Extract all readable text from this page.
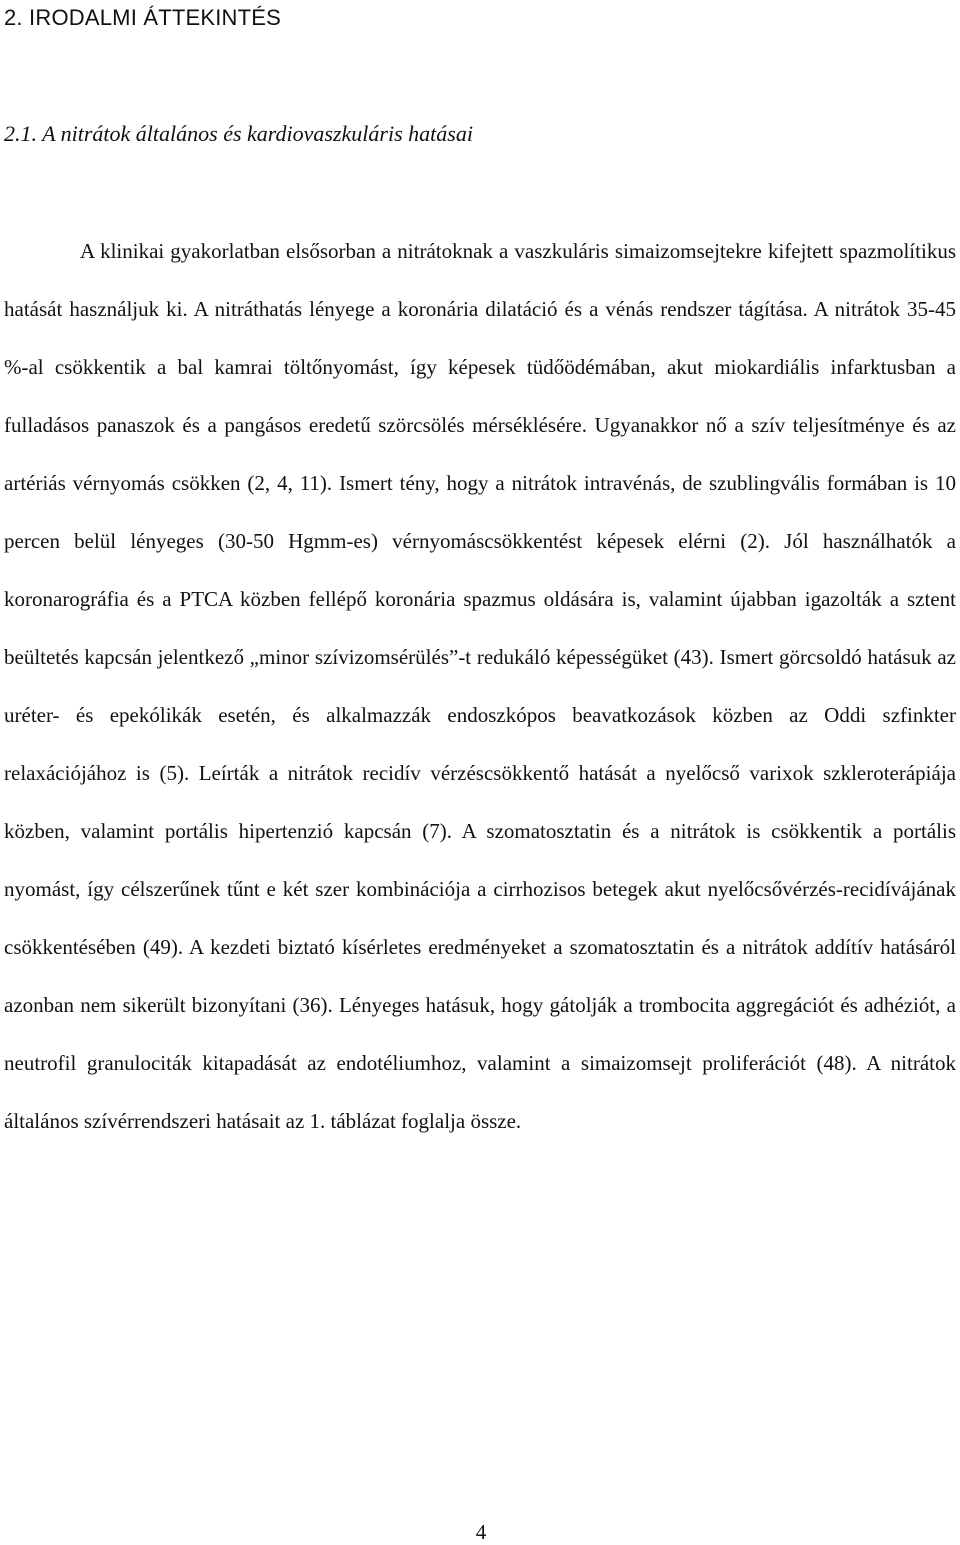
2. IRODALMI ÁTTEKINTÉS
2.1. A nitrátok általános és kardiovaszkuláris hatásai

A klinikai gyakorlatban elsősorban a nitrátoknak a vaszkuláris simaizomsejtekre kifejtett spazmolítikus hatását használjuk ki. A nitráthatás lényege a koronária dilatáció és a vénás rendszer tágítása. A nitrátok 35-45 %-al csökkentik a bal kamrai töltőnyomást, így képesek tüdőödémában, akut miokardiális infarktusban a fulladásos panaszok és a pangásos eredetű szörcsölés mérséklésére. Ugyanakkor nő a szív teljesítménye és az artériás vérnyomás csökken (2, 4, 11). Ismert tény, hogy a nitrátok intravénás, de szublingvális formában is 10 percen belül lényeges (30-50 Hgmm-es) vérnyomáscsökkentést képesek elérni (2). Jól használhatók a koronarográfia és a PTCA közben fellépő koronária spazmus oldására is, valamint újabban igazolták a sztent beültetés kapcsán jelentkező „minor szívizomsérülés”-t redukáló képességüket (43). Ismert görcsoldó hatásuk az uréter- és epekólikák esetén, és alkalmazzák endoszkópos beavatkozások közben az Oddi szfinkter relaxációjához is (5). Leírták a nitrátok recidív vérzéscsökkentő hatását a nyelőcső varixok szkleroterápiája közben, valamint portális hipertenzió kapcsán (7). A szomatosztatin és a nitrátok is csökkentik a portális nyomást, így célszerűnek tűnt e két szer kombinációja a cirrhozisos betegek akut nyelőcsővérzés-recidívájának csökkentésében (49). A kezdeti biztató kísérletes eredményeket a szomatosztatin és a nitrátok addítív hatásáról azonban nem sikerült bizonyítani (36). Lényeges hatásuk, hogy gátolják a trombocita aggregációt és adhéziót, a neutrofil granulociták kitapadását az endotéliumhoz, valamint a simaizomsejt proliferációt (48). A nitrátok általános szívérrendszeri hatásait az 1. táblázat foglalja össze.

4
